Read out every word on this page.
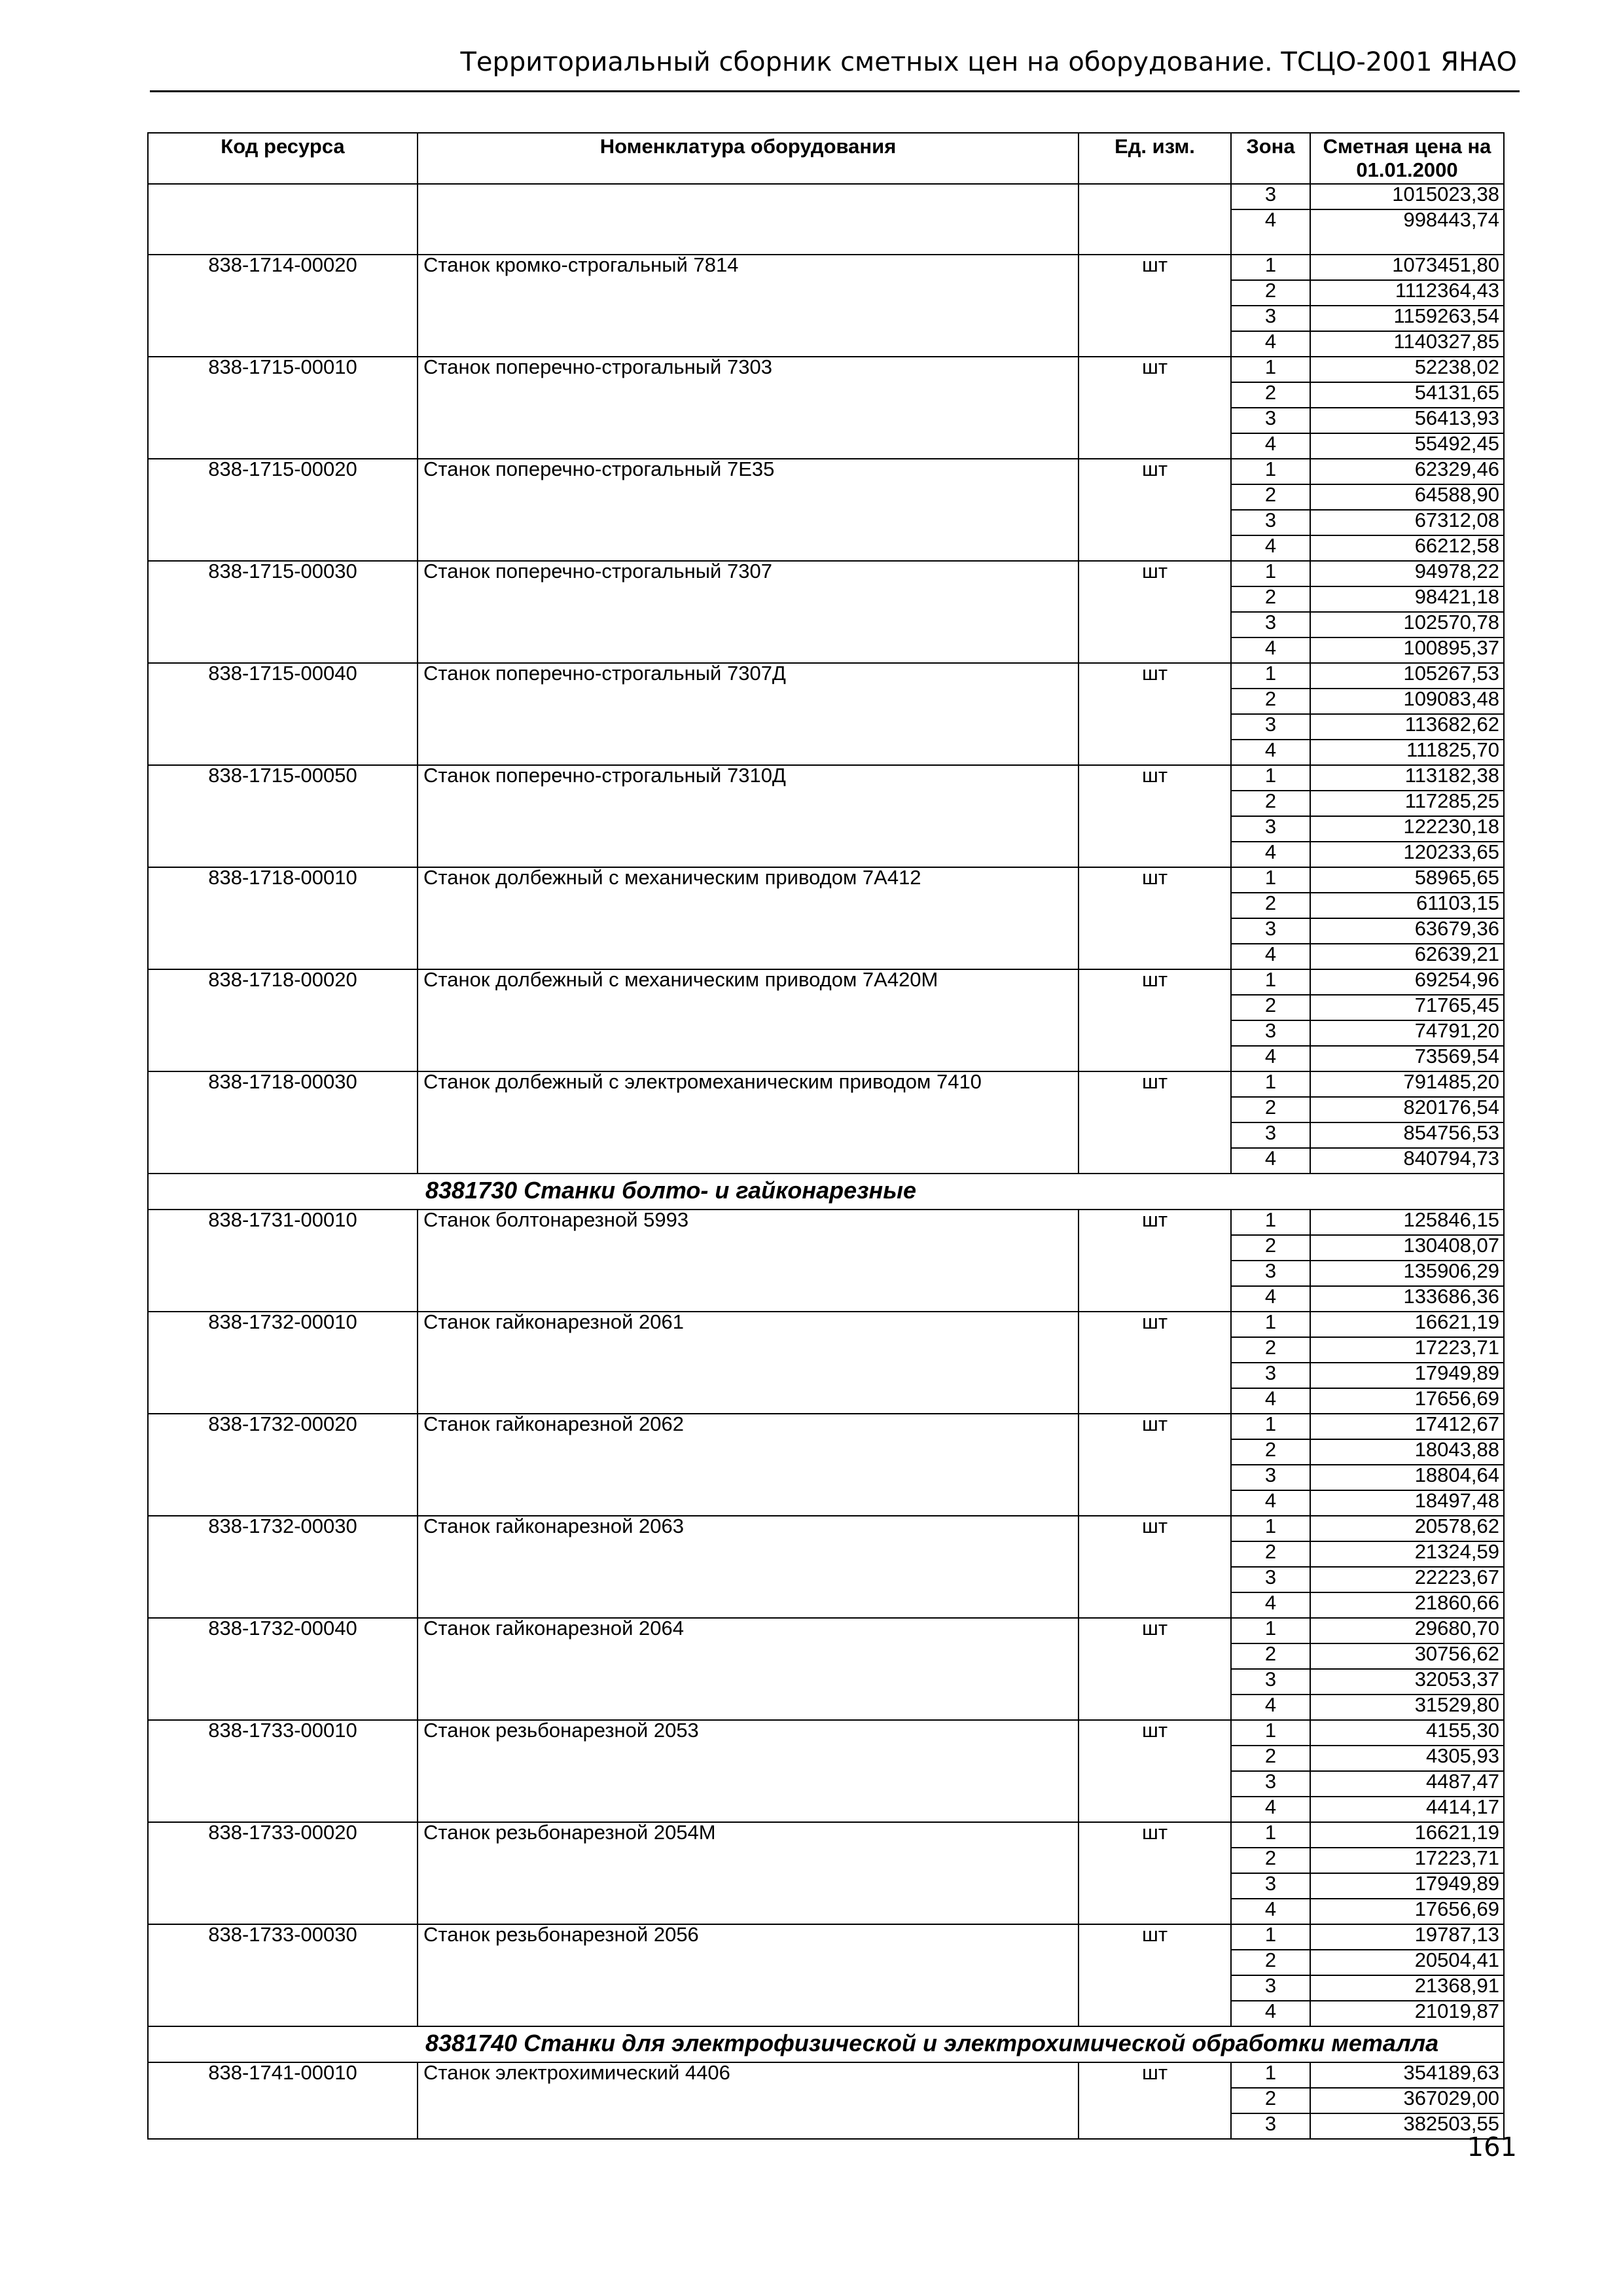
Территориальный сборник сметных цен на оборудование. ТСЦО-2001 ЯНАО
Код ресурса	Номенклатура оборудования	Ед. изм.	Зона	Сметная цена на 01.01.2000
			3	1015023,38
			4	998443,74
838-1714-00020	Станок кромко-строгальный 7814	шт	1	1073451,80
			2	1112364,43
			3	1159263,54
			4	1140327,85
838-1715-00010	Станок поперечно-строгальный 7303	шт	1	52238,02
			2	54131,65
			3	56413,93
			4	55492,45
838-1715-00020	Станок поперечно-строгальный 7Е35	шт	1	62329,46
			2	64588,90
			3	67312,08
			4	66212,58
838-1715-00030	Станок поперечно-строгальный 7307	шт	1	94978,22
			2	98421,18
			3	102570,78
			4	100895,37
838-1715-00040	Станок поперечно-строгальный 7307Д	шт	1	105267,53
			2	109083,48
			3	113682,62
			4	111825,70
838-1715-00050	Станок поперечно-строгальный 7310Д	шт	1	113182,38
			2	117285,25
			3	122230,18
			4	120233,65
838-1718-00010	Станок долбежный с механическим приводом 7А412	шт	1	58965,65
			2	61103,15
			3	63679,36
			4	62639,21
838-1718-00020	Станок долбежный с механическим приводом 7А420М	шт	1	69254,96
			2	71765,45
			3	74791,20
			4	73569,54
838-1718-00030	Станок долбежный с электромеханическим приводом 7410	шт	1	791485,20
			2	820176,54
			3	854756,53
			4	840794,73
8381730 Станки болто- и гайконарезные				
838-1731-00010	Станок болтонарезной 5993	шт	1	125846,15
			2	130408,07
			3	135906,29
			4	133686,36
838-1732-00010	Станок гайконарезной 2061	шт	1	16621,19
			2	17223,71
			3	17949,89
			4	17656,69
838-1732-00020	Станок гайконарезной 2062	шт	1	17412,67
			2	18043,88
			3	18804,64
			4	18497,48
838-1732-00030	Станок гайконарезной 2063	шт	1	20578,62
			2	21324,59
			3	22223,67
			4	21860,66
838-1732-00040	Станок гайконарезной 2064	шт	1	29680,70
			2	30756,62
			3	32053,37
			4	31529,80
838-1733-00010	Станок резьбонарезной 2053	шт	1	4155,30
			2	4305,93
			3	4487,47
			4	4414,17
838-1733-00020	Станок резьбонарезной 2054М	шт	1	16621,19
			2	17223,71
			3	17949,89
			4	17656,69
838-1733-00030	Станок резьбонарезной 2056	шт	1	19787,13
			2	20504,41
			3	21368,91
			4	21019,87
8381740 Станки для электрофизической и электрохимической обработки металла				
838-1741-00010	Станок электрохимический 4406	шт	1	354189,63
			2	367029,00
			3	382503,55
161
